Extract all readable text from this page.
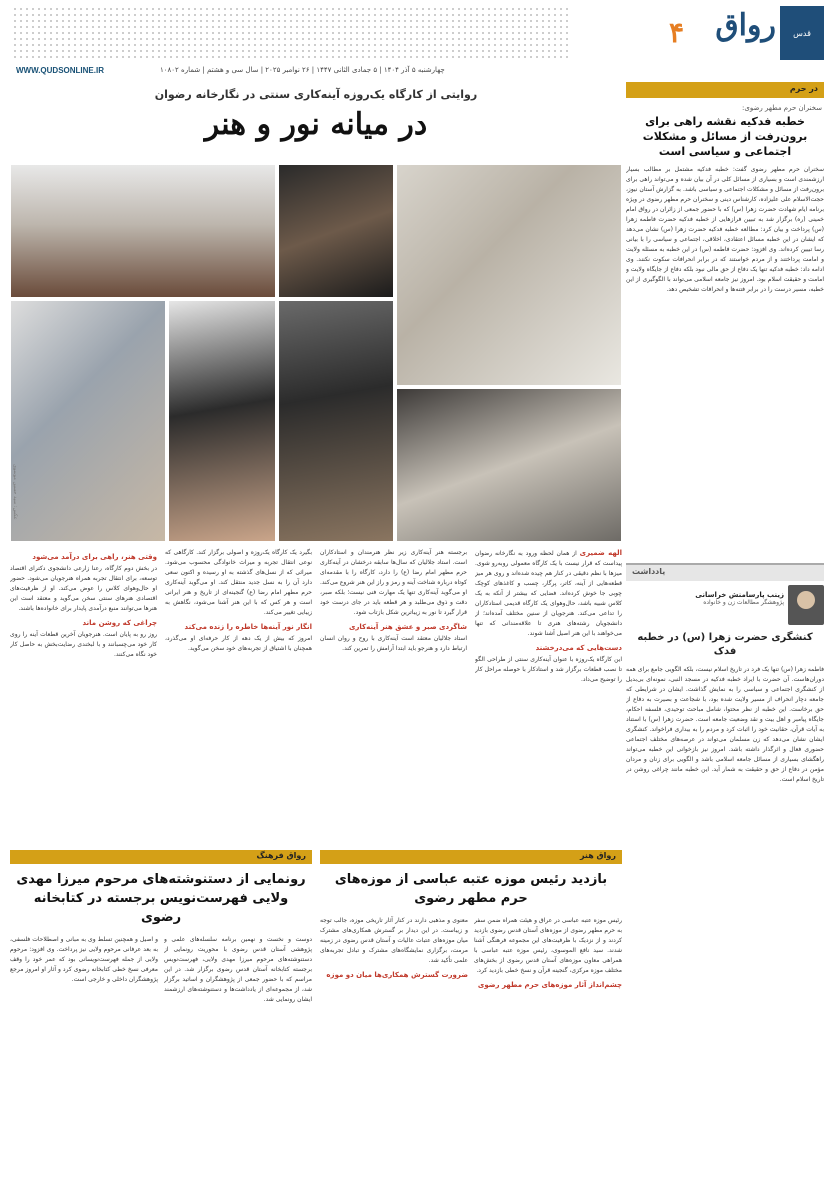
قدس
رواق
۴
WWW.QUDSONLINE.IR	چهارشنبه ۵ آذر ۱۴۰۴ | ۵ جمادی الثانی ۱۴۴۷ | ۲۶ نوامبر ۲۰۲۵ | سال سی و هشتم | شماره ۱۰۸۰۲
در حرم
سخنران حرم مطهر رضوی:
خطبه فدکیه نقشه راهی برای برون‌رفت از مسائل و مشکلات اجتماعی و سیاسی است
سخنران حرم مطهر رضوی گفت: خطبه فدکیه مشتمل بر مطالب بسیار ارزشمندی است و بسیاری از مسائل کلی در آن بیان شده و می‌تواند راهی برای برون‌رفت از مسائل و مشکلات اجتماعی و سیاسی باشد. به گزارش آستان نیوز، حجت‌الاسلام علی علیزاده، کارشناس دینی و سخنران حرم مطهر رضوی در ویژه برنامه ایام شهادت حضرت زهرا (س) که با حضور جمعی از زائران در رواق امام خمینی (ره) برگزار شد به تبیین فرازهایی از خطبه فدکیه حضرت فاطمه زهرا (س) پرداخت و بیان کرد: مطالعه خطبه فدکیه حضرت زهرا (س) نشان می‌دهد که ایشان در این خطبه مسائل اعتقادی، اخلاقی، اجتماعی و سیاسی را با بیانی رسا تبیین کرده‌اند. وی افزود: حضرت فاطمه (س) در این خطبه به مسئله ولایت و امامت پرداختند و از مردم خواستند که در برابر انحرافات سکوت نکنند. وی ادامه داد: خطبه فدکیه تنها یک دفاع از حق مالی نبود بلکه دفاع از جایگاه ولایت و امامت و حقیقت اسلام بود. امروز نیز جامعه اسلامی می‌تواند با الگوگیری از این خطبه، مسیر درست را در برابر فتنه‌ها و انحرافات تشخیص دهد.
یادداشت
زینب پارسامنش خراسانی
پژوهشگر مطالعات زن و خانواده
کنشگری حضرت زهرا (س) در خطبه فدک
فاطمه زهرا (س) تنها یک فرد در تاریخ اسلام نیست، بلکه الگویی جامع برای همه دوران‌هاست. آن حضرت با ایراد خطبه فدکیه در مسجد النبی، نمونه‌ای بی‌بدیل از کنشگری اجتماعی و سیاسی را به نمایش گذاشت. ایشان در شرایطی که جامعه دچار انحراف از مسیر ولایت شده بود، با شجاعت و بصیرت به دفاع از حق برخاست. این خطبه از نظر محتوا، شامل مباحث توحیدی، فلسفه احکام، جایگاه پیامبر و اهل بیت و نقد وضعیت جامعه است. حضرت زهرا (س) با استناد به آیات قرآن، حقانیت خود را اثبات کرد و مردم را به بیداری فراخواند. کنشگری ایشان نشان می‌دهد که زن مسلمان می‌تواند در عرصه‌های مختلف اجتماعی حضوری فعال و اثرگذار داشته باشد. امروز نیز بازخوانی این خطبه می‌تواند راهگشای بسیاری از مسائل جامعه اسلامی باشد و الگویی برای زنان و مردان مؤمن در دفاع از حق و حقیقت به شمار آید. این خطبه مانند چراغی روشن در تاریخ اسلام است.
روایتی از کارگاه یک‌روزه آینه‌کاری سنتی در نگارخانه رضوان
در میانه نور و هنر
عکس: سید حسین موسوی
الهه ضمیری از همان لحظه ورود به نگارخانه رضوان پیداست که قرار نیست با یک کارگاه معمولی روبه‌رو شوی. میزها با نظم دقیقی در کنار هم چیده شده‌اند و روی هر میز قطعه‌هایی از آینه، کاتر، پرگار، چسب و کاغذهای کوچک چوبی جا خوش کرده‌اند. فضایی که بیشتر از آنکه به یک کلاس شبیه باشد، حال‌وهوای یک کارگاه قدیمی استادکاران را تداعی می‌کند. هنرجویان از سنین مختلف آمده‌اند؛ از دانشجویان رشته‌های هنری تا علاقه‌مندانی که تنها می‌خواهند با این هنر اصیل آشنا شوند.
دست‌هایی که می‌درخشند
این کارگاه یک‌روزه با عنوان آینه‌کاری سنتی از طراحی الگو تا نصب قطعات برگزار شد و استادکار با حوصله مراحل کار را توضیح می‌داد.
برجسته هنر آینه‌کاری زیر نظر هنرمندان و استادکاران است. استاد جلالیان که سال‌ها سابقه درخشان در آینه‌کاری حرم مطهر امام رضا (ع) را دارد، کارگاه را با مقدمه‌ای کوتاه درباره شناخت آینه و رمز و راز این هنر شروع می‌کند. او می‌گوید آینه‌کاری تنها یک مهارت فنی نیست؛ بلکه صبر، دقت و ذوق می‌طلبد و هر قطعه باید در جای درست خود قرار گیرد تا نور به زیباترین شکل بازتاب شود.
شاگردی صبر و عشق هنر آینه‌کاری
استاد جلالیان معتقد است آینه‌کاری با روح و روان انسان ارتباط دارد و هنرجو باید ابتدا آرامش را تمرین کند.
بگیرد یک کارگاه یک‌روزه و اصولی برگزار کند. کارگاهی که نوعی انتقال تجربه و میراث خانوادگی محسوب می‌شود. میراثی که از نسل‌های گذشته به او رسیده و اکنون سعی دارد آن را به نسل جدید منتقل کند. او می‌گوید آینه‌کاری حرم مطهر امام رضا (ع) گنجینه‌ای از تاریخ و هنر ایرانی است و هر کس که با این هنر آشنا می‌شود، نگاهش به زیبایی تغییر می‌کند.
انگار نور آینه‌ها خاطره را زنده می‌کند
امروز که بیش از یک دهه از کار حرفه‌ای او می‌گذرد، همچنان با اشتیاق از تجربه‌های خود سخن می‌گوید.
وقتی هنر، راهی برای درآمد می‌شود
در بخش دوم کارگاه، رعنا زارعی دانشجوی دکترای اقتصاد توسعه، برای انتقال تجربه همراه هنرجویان می‌شود. حضور او حال‌وهوای کلاس را عوض می‌کند. او از ظرفیت‌های اقتصادی هنرهای سنتی سخن می‌گوید و معتقد است این هنرها می‌توانند منبع درآمدی پایدار برای خانواده‌ها باشند.
چراغی که روشن ماند
روز رو به پایان است. هنرجویان آخرین قطعات آینه را روی کار خود می‌چسبانند و با لبخندی رضایت‌بخش به حاصل کار خود نگاه می‌کنند.
رواق هنر
بازدید رئیس موزه عتبه عباسی از موزه‌های حرم مطهر رضوی
رئیس موزه عتبه عباسی در عراق و هیئت همراه ضمن سفر به حرم مطهر رضوی از موزه‌های آستان قدس رضوی بازدید کردند و از نزدیک با ظرفیت‌های این مجموعه فرهنگی آشنا شدند. سید نافع الموسوی، رئیس موزه عتبه عباسی با همراهی معاون موزه‌های آستان قدس رضوی از بخش‌های مختلف موزه مرکزی، گنجینه قرآن و نسخ خطی بازدید کرد.
چشم‌انداز آثار موزه‌های حرم مطهر رضوی
معنوی و مذهبی دارند در کنار آثار تاریخی موزه، جالب توجه و زیباست. در این دیدار بر گسترش همکاری‌های مشترک میان موزه‌های عتبات عالیات و آستان قدس رضوی در زمینه مرمت، برگزاری نمایشگاه‌های مشترک و تبادل تجربه‌های علمی تأکید شد.
ضرورت گسترش همکاری‌ها میان دو موزه
رواق فرهنگ
رونمایی از دستنوشته‌های مرحوم میرزا مهدی ولایی فهرست‌نویس برجسته در کتابخانه رضوی
دوست و نخست و نهمین برنامه سلسله‌های علمی و پژوهشی آستان قدس رضوی با محوریت رونمایی از دستنوشته‌های مرحوم میرزا مهدی ولایی، فهرست‌نویس برجسته کتابخانه آستان قدس رضوی برگزار شد. در این مراسم که با حضور جمعی از پژوهشگران و اساتید برگزار شد، از مجموعه‌ای از یادداشت‌ها و دستنوشته‌های ارزشمند ایشان رونمایی شد.
و اصیل و همچنین تسلط وی به مبانی و اصطلاحات فلسفی، به بعد عرفانی مرحوم ولایی نیز پرداخت. وی افزود: مرحوم ولایی از جمله فهرست‌نویسانی بود که عمر خود را وقف معرفی نسخ خطی کتابخانه رضوی کرد و آثار او امروز مرجع پژوهشگران داخلی و خارجی است.
